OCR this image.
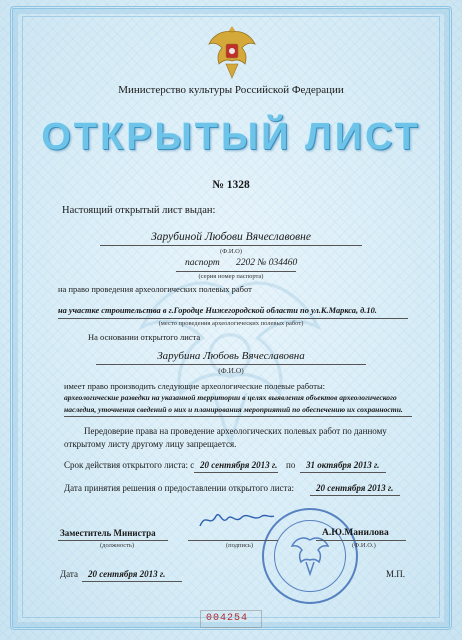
Министерство культуры Российской Федерации
ОТКРЫТЫЙ ЛИСТ
№ 1328
Настоящий открытый лист выдан:
Зарубиной Любови Вячеславовне
(Ф.И.О)
паспорт 2202 № 034460
(серия номер паспорта)
на право проведения археологических полевых работ
на участке строительства в г.Городце Нижегородской области по ул.К.Маркса, д.10.
(место проведения археологических полевых работ)
На основании открытого листа
Зарубина Любовь Вячеславовна
(Ф.И.О)
имеет право производить следующие археологические полевые работы:
археологические разведки на указанной территории в целях выявления объектов археологического
наследия, уточнения сведений о них и планирования мероприятий по обеспечению их сохранности.
Передоверие права на проведение археологических полевых работ по данному
открытому листу другому лицу запрещается.
Срок действия открытого листа: с 20 сентября 2013 г. по 31 октября 2013 г.
Дата принятия решения о предоставлении открытого листа: 20 сентября 2013 г.
Заместитель Министра
(должность)	(подпись)
А.Ю.Манилова
(Ф.И.О.)
Дата 20 сентября 2013 г.	М.П.
004254
